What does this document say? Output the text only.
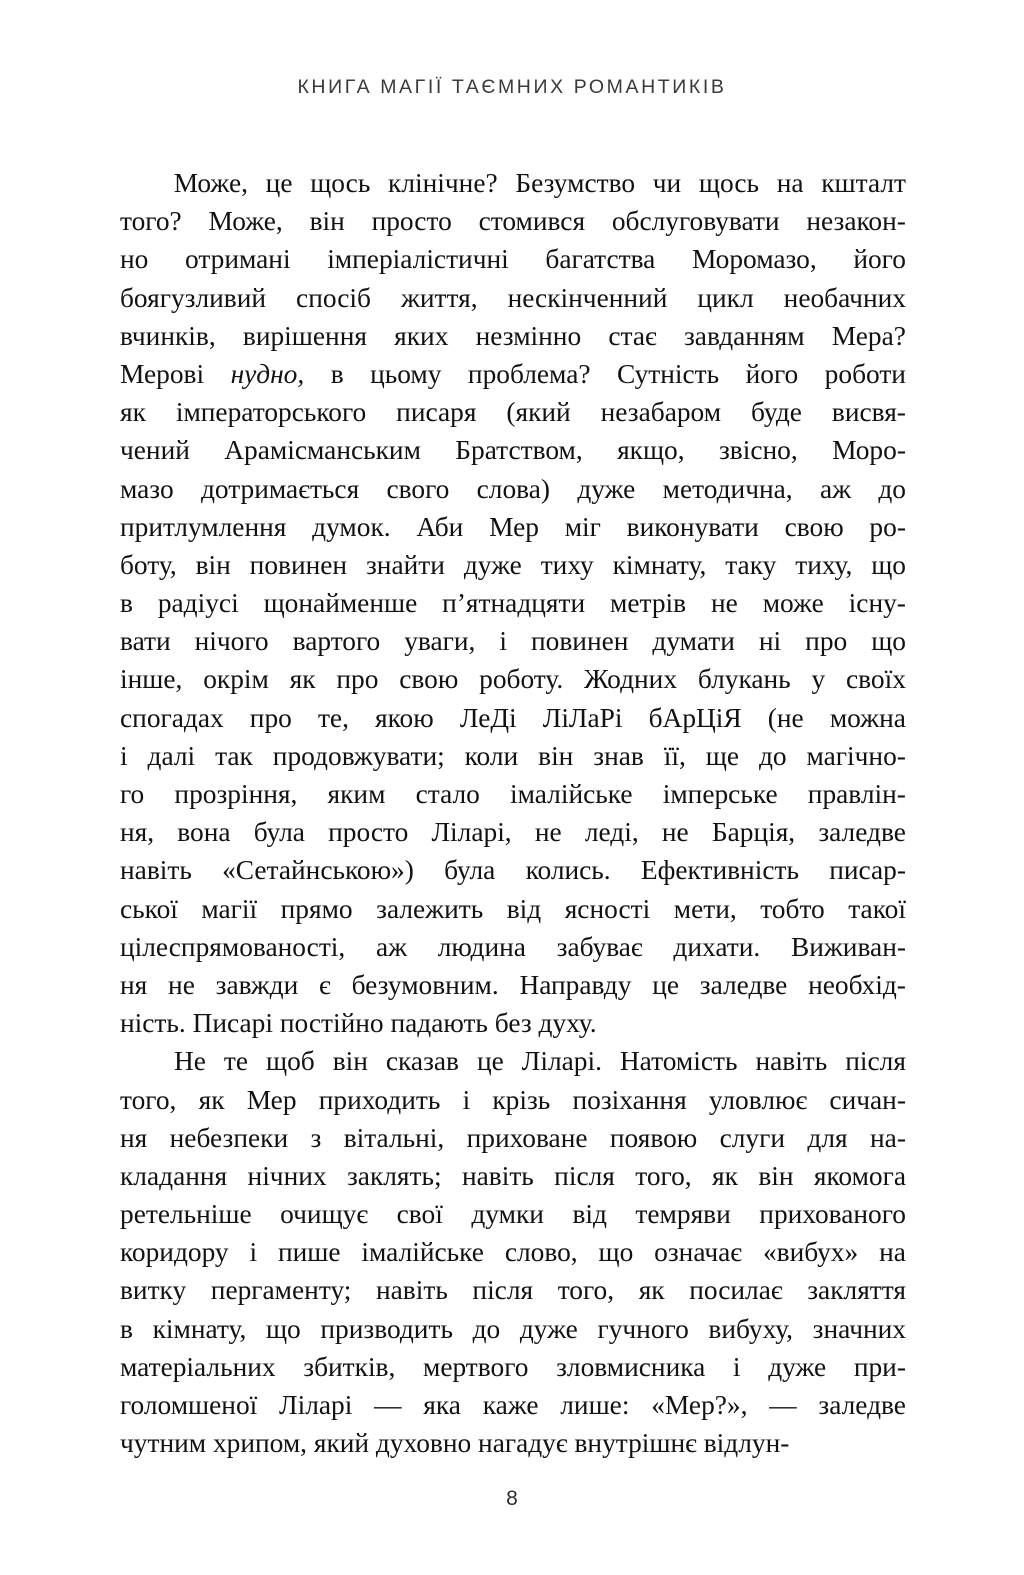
КНИГА МАГІЇ ТАЄМНИХ РОМАНТИКІВ
Може, це щось клінічне? Безумство чи щось на кшталт
того? Може, він просто стомився обслуговувати незакон-
но отримані імперіалістичні багатства Моромазо, його
боягузливий спосіб життя, нескінченний цикл необачних
вчинків, вирішення яких незмінно стає завданням Мера?
Мерові нудно, в цьому проблема? Сутність його роботи
як імператорського писаря (який незабаром буде висвя-
чений Арамісманським Братством, якщо, звісно, Моро-
мазо дотримається свого слова) дуже методична, аж до
притлумлення думок. Аби Мер міг виконувати свою ро-
боту, він повинен знайти дуже тиху кімнату, таку тиху, що
в радіусі щонайменше п’ятнадцяти метрів не може існу-
вати нічого вартого уваги, і повинен думати ні про що
інше, окрім як про свою роботу. Жодних блукань у своїх
спогадах про те, якою ЛеДі ЛіЛаРі бАрЦіЯ (не можна
і далі так продовжувати; коли він знав її, ще до магічно-
го прозріння, яким стало імалійське імперське правлін-
ня, вона була просто Ліларі, не леді, не Барція, заледве
навіть «Сетайнською») була колись. Ефективність писар-
ської магії прямо залежить від ясності мети, тобто такої
цілеспрямованості, аж людина забуває дихати. Виживан-
ня не завжди є безумовним. Направду це заледве необхід-
ність. Писарі постійно падають без духу.
Не те щоб він сказав це Ліларі. Натомість навіть після
того, як Мер приходить і крізь позіхання уловлює сичан-
ня небезпеки з вітальні, приховане появою слуги для на-
кладання нічних заклять; навіть після того, як він якомога
ретельніше очищує свої думки від темряви прихованого
коридору і пише імалійське слово, що означає «вибух» на
витку пергаменту; навіть після того, як посилає закляття
в кімнату, що призводить до дуже гучного вибуху, значних
матеріальних збитків, мертвого зловмисника і дуже при-
голомшеної Ліларі — яка каже лише: «Мер?», — заледве
чутним хрипом, який духовно нагадує внутрішнє відлун-
8
